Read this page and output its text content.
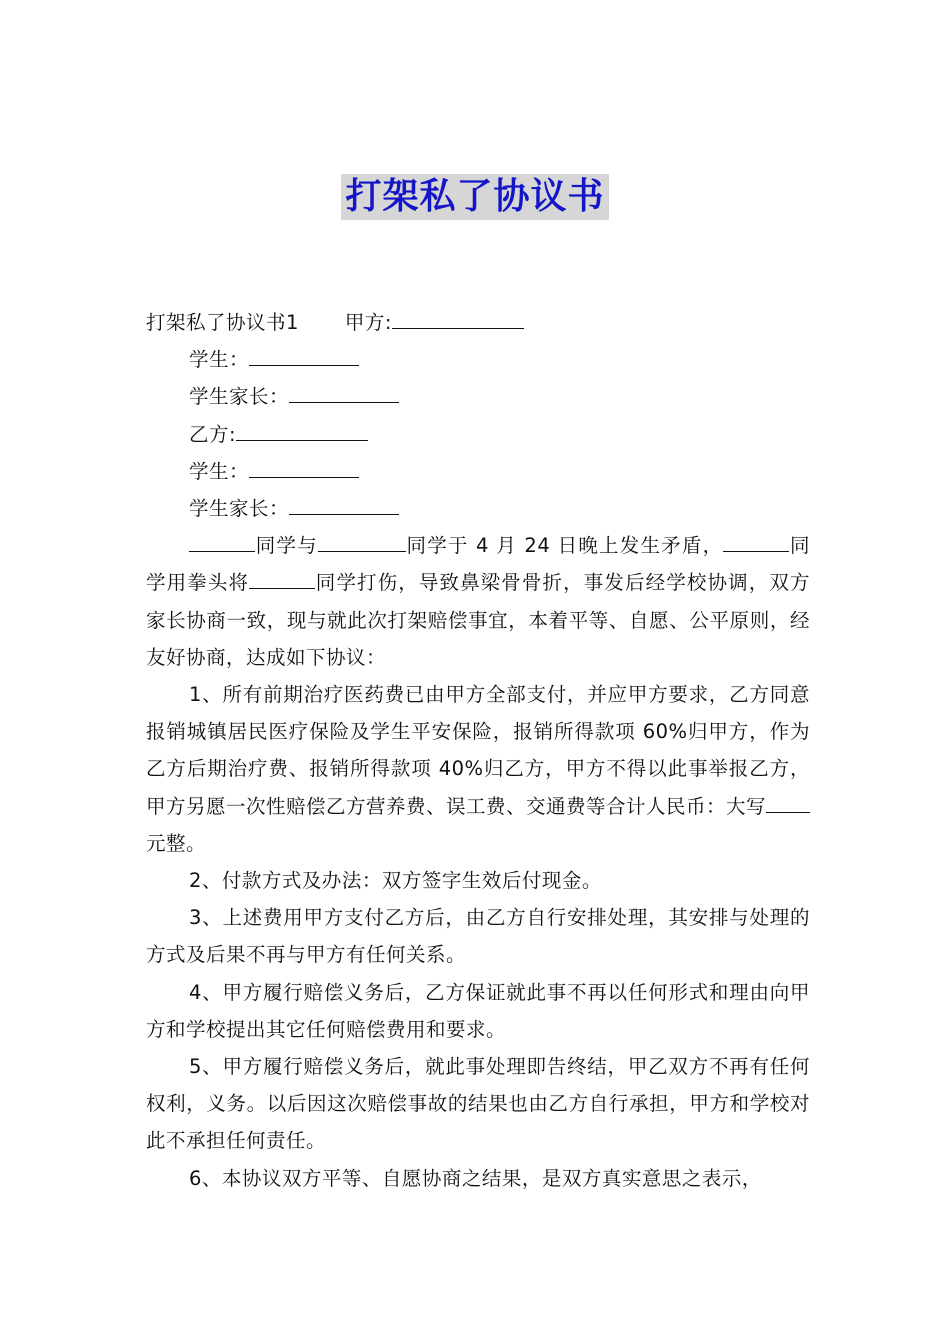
打架私了协议书

打架私了协议书1 甲方:

学生：

学生家长：

乙方:

学生：

学生家长：

同学与	同学于 4 月 24 日晚上发生矛盾，	同学用拳头将	同学打伤，导致鼻梁骨骨折，事发后经学校协调，双方家长协商一致，现与就此次打架赔偿事宜，本着平等、自愿、公平原则，经友好协商，达成如下协议：

1、所有前期治疗医药费已由甲方全部支付，并应甲方要求，乙方同意报销城镇居民医疗保险及学生平安保险，报销所得款项 60%归甲方，作为乙方后期治疗费、报销所得款项 40%归乙方，甲方不得以此事举报乙方，甲方另愿一次性赔偿乙方营养费、误工费、交通费等合计人民币：大写元整。

2、付款方式及办法：双方签字生效后付现金。

3、上述费用甲方支付乙方后，由乙方自行安排处理，其安排与处理的方式及后果不再与甲方有任何关系。

4、甲方履行赔偿义务后，乙方保证就此事不再以任何形式和理由向甲方和学校提出其它任何赔偿费用和要求。

5、甲方履行赔偿义务后，就此事处理即告终结，甲乙双方不再有任何权利，义务。以后因这次赔偿事故的结果也由乙方自行承担，甲方和学校对此不承担任何责任。

6、本协议双方平等、自愿协商之结果，是双方真实意思之表示，
